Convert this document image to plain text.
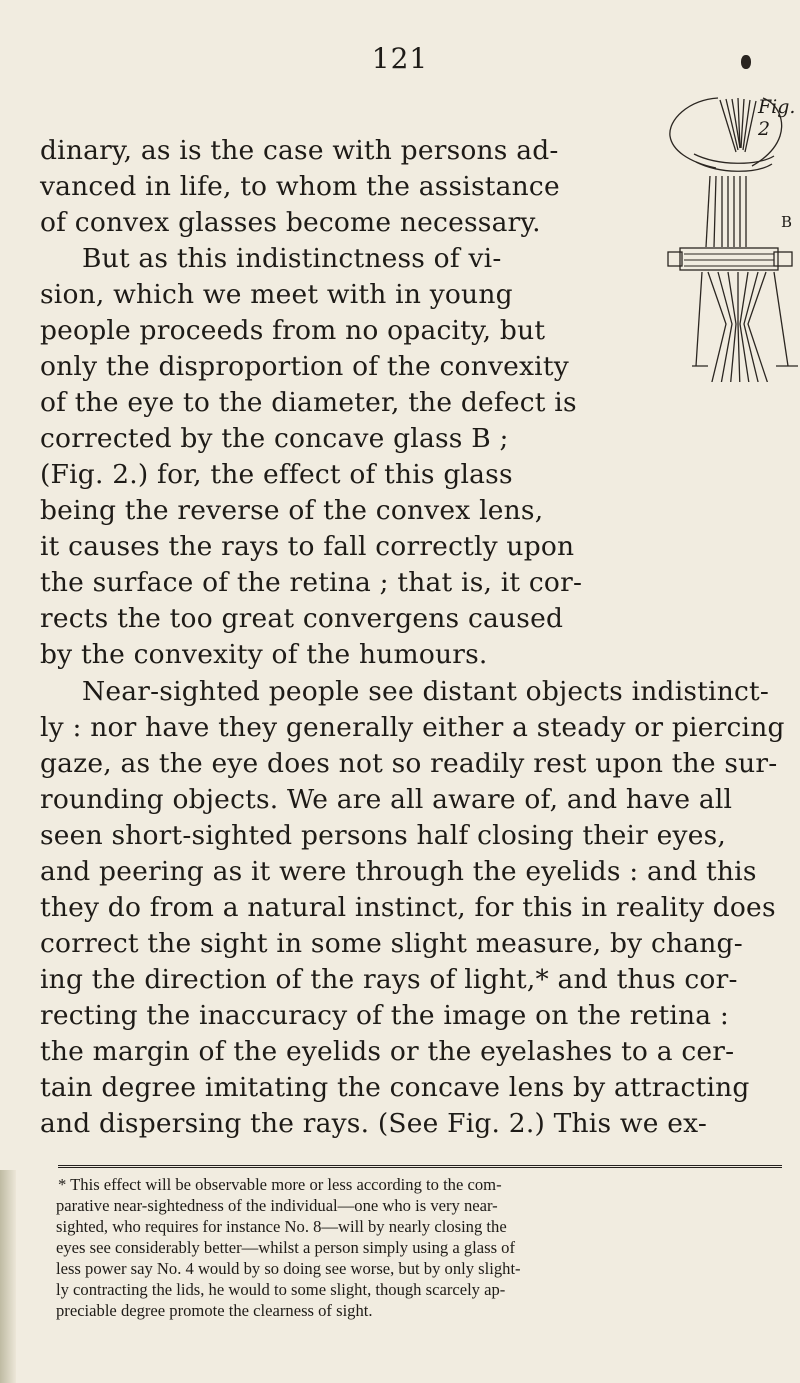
121
dinary, as is the case with persons ad-
vanced in life, to whom the assistance
of convex glasses become necessary.
But as this indistinctness of vi-
sion, which we meet with in young
people proceeds from no opacity, but
only the disproportion of the convexity
of the eye to the diameter, the defect is
corrected by the concave glass B ;
(Fig. 2.) for, the effect of this glass
being the reverse of the convex lens,
it causes the rays to fall correctly upon
the surface of the retina ; that is, it cor-
rects the too great convergens caused
by the convexity of the humours.
Near-sighted people see distant objects indistinct-
ly : nor have they generally either a steady or piercing
gaze, as the eye does not so readily rest upon the sur-
rounding objects. We are all aware of, and have all
seen short-sighted persons half closing their eyes,
and peering as it were through the eyelids : and this
they do from a natural instinct, for this in reality does
correct the sight in some slight measure, by chang-
ing the direction of the rays of light,* and thus cor-
recting the inaccuracy of the image on the retina :
the margin of the eyelids or the eyelashes to a cer-
tain degree imitating the concave lens by attracting
and dispersing the rays. (See Fig. 2.) This we ex-
Fig. 2
B
* This effect will be observable more or less according to the com-
parative near-sightedness of the individual—one who is very near-
sighted, who requires for instance No. 8—will by nearly closing the
eyes see considerably better—whilst a person simply using a glass of
less power say No. 4 would by so doing see worse, but by only slight-
ly contracting the lids, he would to some slight, though scarcely ap-
preciable degree promote the clearness of sight.
